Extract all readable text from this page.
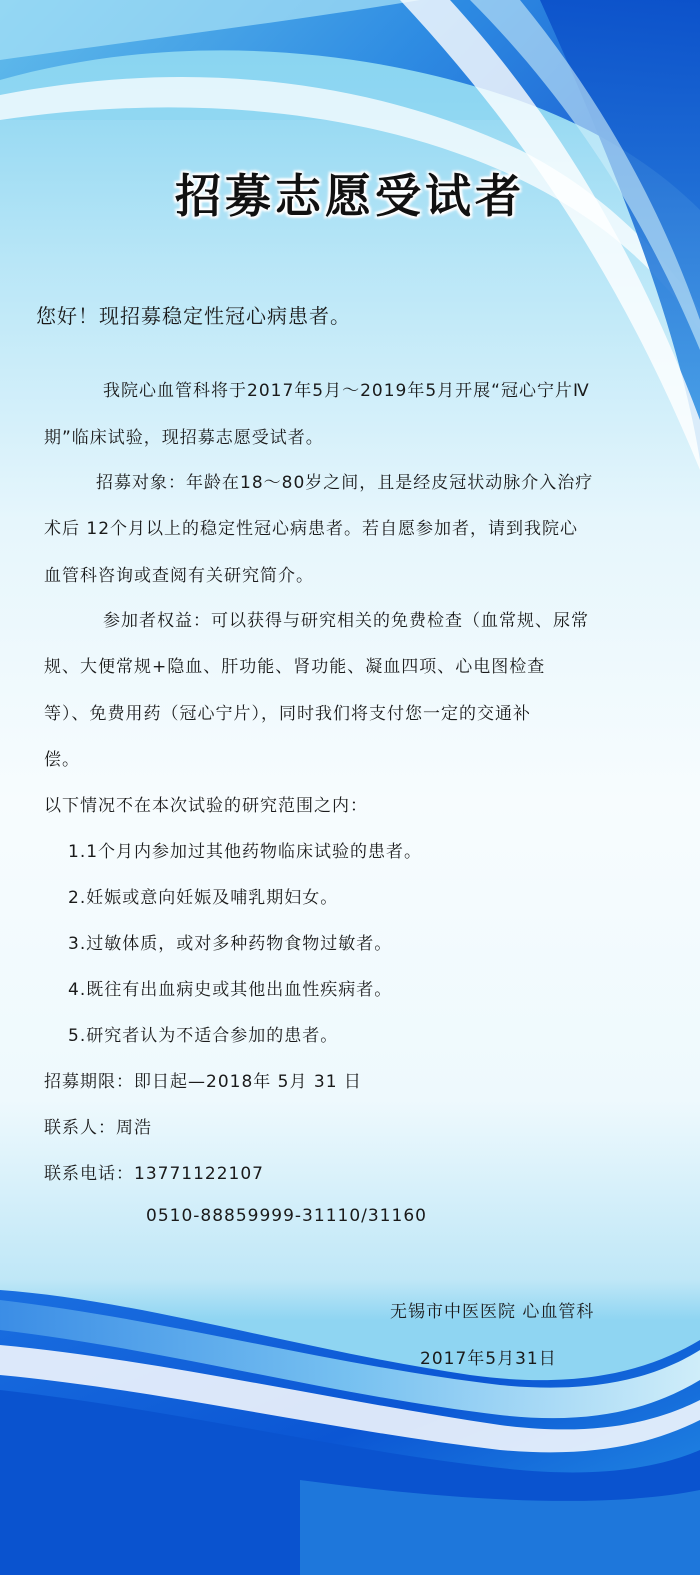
招募志愿受试者
您好！现招募稳定性冠心病患者。
我院心血管科将于2017年5月～2019年5月开展“冠心宁片Ⅳ
期”临床试验，现招募志愿受试者。
招募对象：年龄在18～80岁之间，且是经皮冠状动脉介入治疗
术后 12个月以上的稳定性冠心病患者。若自愿参加者，请到我院心
血管科咨询或查阅有关研究简介。
参加者权益：可以获得与研究相关的免费检查（血常规、尿常
规、大便常规+隐血、肝功能、肾功能、凝血四项、心电图检查
等）、免费用药（冠心宁片），同时我们将支付您一定的交通补
偿。
以下情况不在本次试验的研究范围之内：
1.1个月内参加过其他药物临床试验的患者。
2.妊娠或意向妊娠及哺乳期妇女。
3.过敏体质，或对多种药物食物过敏者。
4.既往有出血病史或其他出血性疾病者。
5.研究者认为不适合参加的患者。
招募期限：即日起—2018年 5月 31 日
联系人：周浩
联系电话：13771122107
0510-88859999-31110/31160
无锡市中医医院 心血管科
2017年5月31日
